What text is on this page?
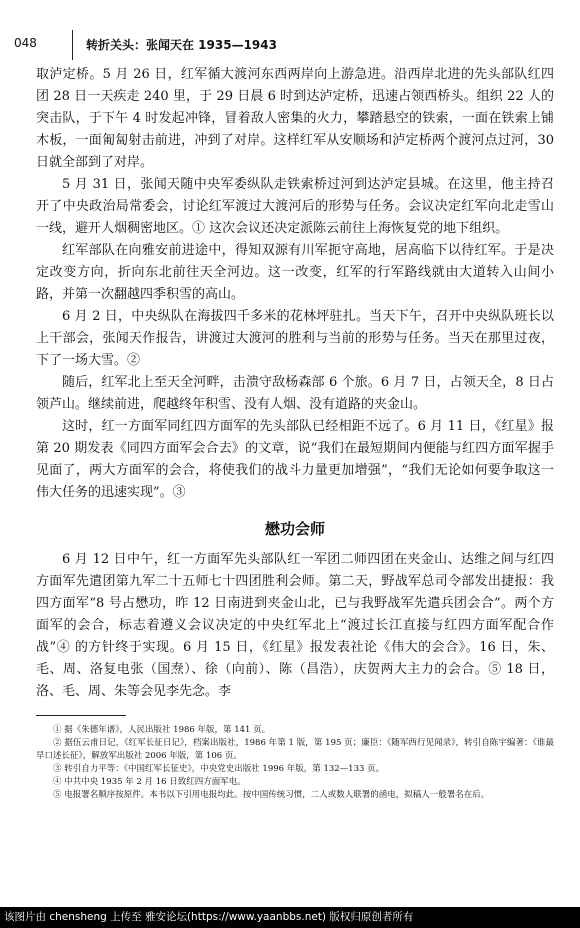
048	转折关头：张闻天在 1935—1943

取泸定桥。5 月 26 日，红军循大渡河东西两岸向上游急进。沿西岸北进的先头部队红四团 28 日一天疾走 240 里，于 29 日晨 6 时到达泸定桥，迅速占领西桥头。组织 22 人的突击队，于下午 4 时发起冲锋，冒着敌人密集的火力，攀踏悬空的铁索，一面在铁索上铺木板，一面匍匐射击前进，冲到了对岸。这样红军从安顺场和泸定桥两个渡河点过河，30 日就全部到了对岸。

5 月 31 日，张闻天随中央军委纵队走铁索桥过河到达泸定县城。在这里，他主持召开了中央政治局常委会，讨论红军渡过大渡河后的形势与任务。会议决定红军向北走雪山一线，避开人烟稠密地区。① 这次会议还决定派陈云前往上海恢复党的地下组织。

红军部队在向雅安前进途中，得知双源有川军扼守高地，居高临下以待红军。于是决定改变方向，折向东北前往天全河边。这一改变，红军的行军路线就由大道转入山间小路，并第一次翻越四季积雪的高山。

6 月 2 日，中央纵队在海拔四千多米的花林坪驻扎。当天下午，召开中央纵队班长以上干部会，张闻天作报告，讲渡过大渡河的胜利与当前的形势与任务。当天在那里过夜，下了一场大雪。②

随后，红军北上至天全河畔，击溃守敌杨森部 6 个旅。6 月 7 日，占领天全，8 日占领芦山。继续前进，爬越终年积雪、没有人烟、没有道路的夹金山。

这时，红一方面军同红四方面军的先头部队已经相距不远了。6 月 11 日，《红星》报第 20 期发表《同四方面军会合去》的文章，说“我们在最短期间内便能与红四方面军握手见面了，两大方面军的会合，将使我们的战斗力量更加增强”，“我们无论如何要争取这一伟大任务的迅速实现”。③

懋功会师

6 月 12 日中午，红一方面军先头部队红一军团二师四团在夹金山、达维之间与红四方面军先遣团第九军二十五师七十四团胜利会师。第二天，野战军总司令部发出捷报：我四方面军“8 号占懋功，昨 12 日南进到夹金山北，已与我野战军先遣兵团会合”。两个方面军的会合，标志着遵义会议决定的中央红军北上“渡过长江直接与红四方面军配合作战”④ 的方针终于实现。6 月 15 日，《红星》报发表社论《伟大的会合》。16 日，朱、毛、周、洛复电张（国焘）、徐（向前）、陈（昌浩），庆贺两大主力的会合。⑤ 18 日，洛、毛、周、朱等会见李先念。李

① 据《朱德年谱》，人民出版社 1986 年版，第 141 页。

② 据伍云甫日记，《红军长征日记》，档案出版社，1986 年第 1 版，第 195 页；廉臣：《随军西行见闻录》，转引自陈宇编著：《谁最早口述长征》，解放军出版社 2006 年版，第 106 页。

③ 转引自力平等：《中国红军长征史》，中央党史出版社 1996 年版，第 132—133 页。

④ 中共中央 1935 年 2 月 16 日致红四方面军电。

⑤ 电报署名顺序按原件。本书以下引用电报均此。按中国传统习惯，二人或数人联署的函电，拟稿人一般署名在后。

该图片由 chensheng 上传至 雅安论坛(https://www.yaanbbs.net) 版权归原创者所有
